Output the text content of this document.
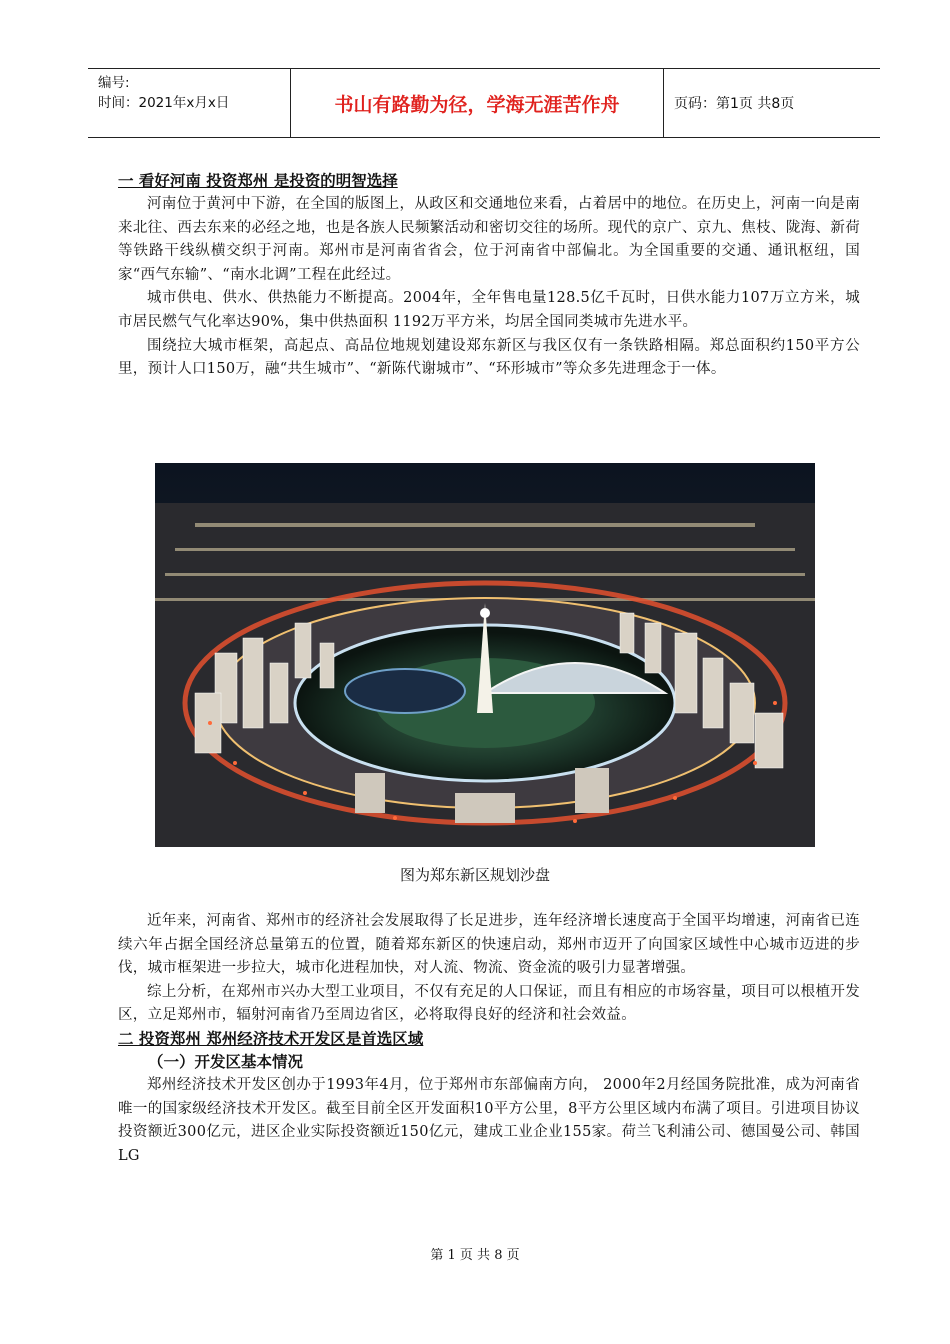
编号:
时间：2021年x月x日	书山有路勤为径，学海无涯苦作舟	页码：第1页 共8页
一 看好河南 投资郑州 是投资的明智选择

河南位于黄河中下游，在全国的版图上，从政区和交通地位来看，占着居中的地位。在历史上，河南一向是南来北往、西去东来的必经之地，也是各族人民频繁活动和密切交往的场所。现代的京广、京九、焦枝、陇海、新荷等铁路干线纵横交织于河南。郑州市是河南省省会，位于河南省中部偏北。为全国重要的交通、通讯枢纽，国家“西气东输”、“南水北调”工程在此经过。

城市供电、供水、供热能力不断提高。2004年，全年售电量128.5亿千瓦时，日供水能力107万立方米，城市居民燃气气化率达90%，集中供热面积 1192万平方米，均居全国同类城市先进水平。

围绕拉大城市框架，高起点、高品位地规划建设郑东新区与我区仅有一条铁路相隔。郑总面积约150平方公里，预计人口150万，融“共生城市”、“新陈代谢城市”、“环形城市”等众多先进理念于一体。

图为郑东新区规划沙盘

近年来，河南省、郑州市的经济社会发展取得了长足进步，连年经济增长速度高于全国平均增速，河南省已连续六年占据全国经济总量第五的位置，随着郑东新区的快速启动，郑州市迈开了向国家区域性中心城市迈进的步伐，城市框架进一步拉大，城市化进程加快，对人流、物流、资金流的吸引力显著增强。

综上分析，在郑州市兴办大型工业项目，不仅有充足的人口保证，而且有相应的市场容量，项目可以根植开发区，立足郑州市，辐射河南省乃至周边省区，必将取得良好的经济和社会效益。

二 投资郑州 郑州经济技术开发区是首选区域
（一）开发区基本情况

郑州经济技术开发区创办于1993年4月，位于郑州市东部偏南方向， 2000年2月经国务院批准，成为河南省唯一的国家级经济技术开发区。截至目前全区开发面积10平方公里，8平方公里区域内布满了项目。引进项目协议投资额近300亿元，进区企业实际投资额近150亿元，建成工业企业155家。荷兰飞利浦公司、德国曼公司、韩国LG

第 1 页 共 8 页
